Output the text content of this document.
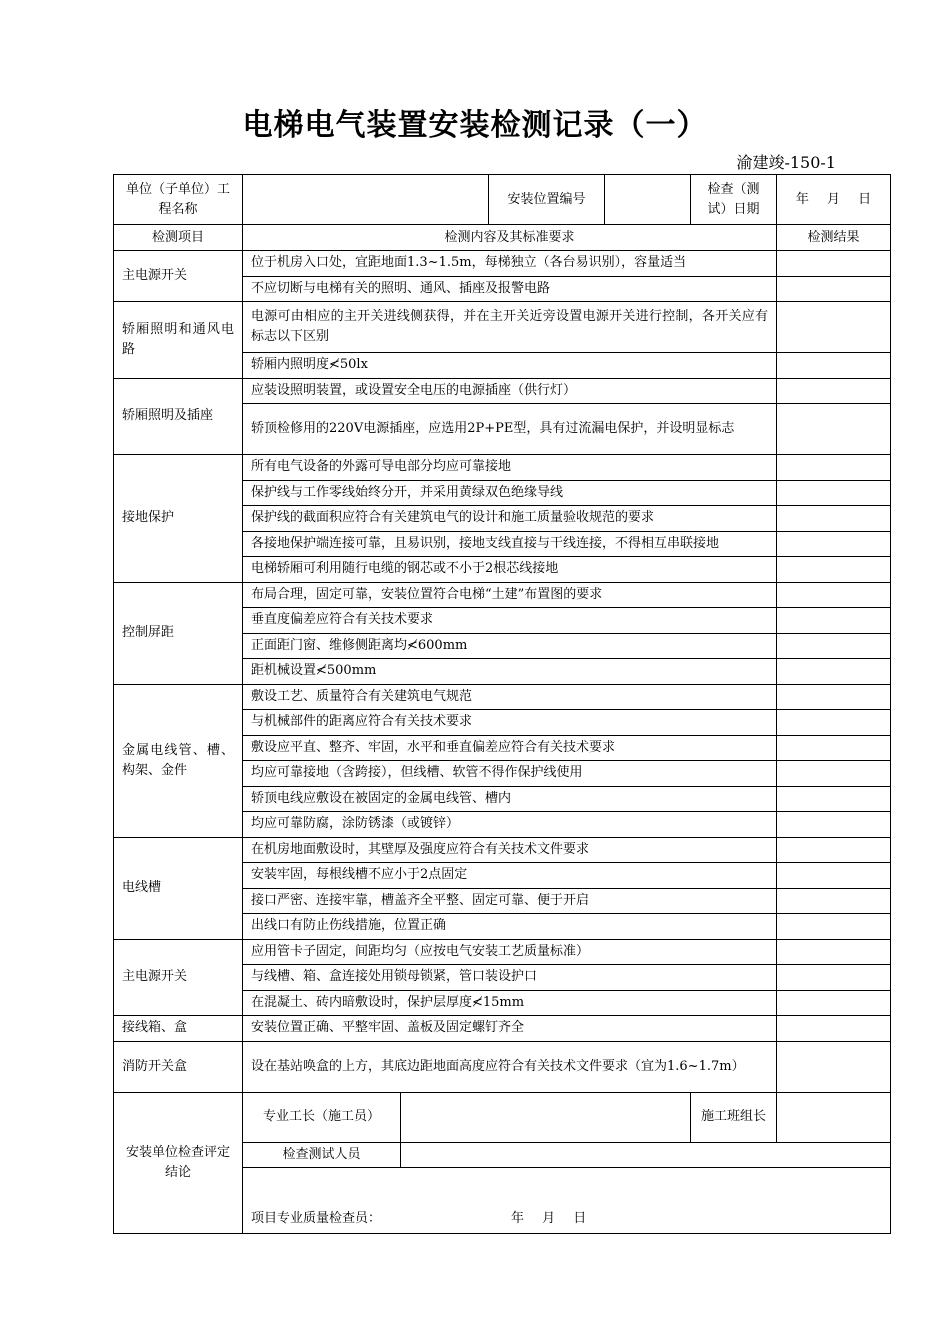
电梯电气装置安装检测记录（一）
渝建竣-150-1
单位（子单位）工程名称			安装位置编号		检查（测试）日期	年 月 日
检测项目	检测内容及其标准要求					检测结果
主电源开关	位于机房入口处，宜距地面1.3~1.5m，每梯独立（各台易识别），容量适当					
	不应切断与电梯有关的照明、通风、插座及报警电路					
轿厢照明和通风电路	电源可由相应的主开关进线侧获得，并在主开关近旁设置电源开关进行控制，各开关应有标志以下区别					
	轿厢内照明度≮50lx					
轿厢照明及插座	应装设照明装置，或设置安全电压的电源插座（供行灯）					
	轿顶检修用的220V电源插座，应选用2P+PE型，具有过流漏电保护，并设明显标志					
接地保护	所有电气设备的外露可导电部分均应可靠接地					
	保护线与工作零线始终分开，并采用黄绿双色绝缘导线					
	保护线的截面积应符合有关建筑电气的设计和施工质量验收规范的要求					
	各接地保护端连接可靠，且易识别，接地支线直接与干线连接，不得相互串联接地					
	电梯轿厢可利用随行电缆的钢芯或不小于2根芯线接地					
控制屏距	布局合理，固定可靠，安装位置符合电梯“土建”布置图的要求					
	垂直度偏差应符合有关技术要求					
	正面距门窗、维修侧距离均≮600mm					
	距机械设置≮500mm					
金属电线管、槽、构架、金件	敷设工艺、质量符合有关建筑电气规范					
	与机械部件的距离应符合有关技术要求					
	敷设应平直、整齐、牢固，水平和垂直偏差应符合有关技术要求					
	均应可靠接地（含跨接），但线槽、软管不得作保护线使用					
	轿顶电线应敷设在被固定的金属电线管、槽内					
	均应可靠防腐，涂防锈漆（或镀锌）					
电线槽	在机房地面敷设时，其壁厚及强度应符合有关技术文件要求					
	安装牢固，每根线槽不应小于2点固定					
	接口严密、连接牢靠，槽盖齐全平整、固定可靠、便于开启					
	出线口有防止伤线措施，位置正确					
主电源开关	应用管卡子固定，间距均匀（应按电气安装工艺质量标准）					
	与线槽、箱、盒连接处用锁母锁紧，管口装设护口					
	在混凝土、砖内暗敷设时，保护层厚度≮15mm					
接线箱、盒	安装位置正确、平整牢固、盖板及固定螺钉齐全					
消防开关盒	设在基站唤盒的上方，其底边距地面高度应符合有关技术文件要求（宜为1.6~1.7m）					
安装单位检查评定结论	专业工长（施工员）				施工班组长	
	检查测试人员					
	项目专业质量检查员： 年 月 日					
